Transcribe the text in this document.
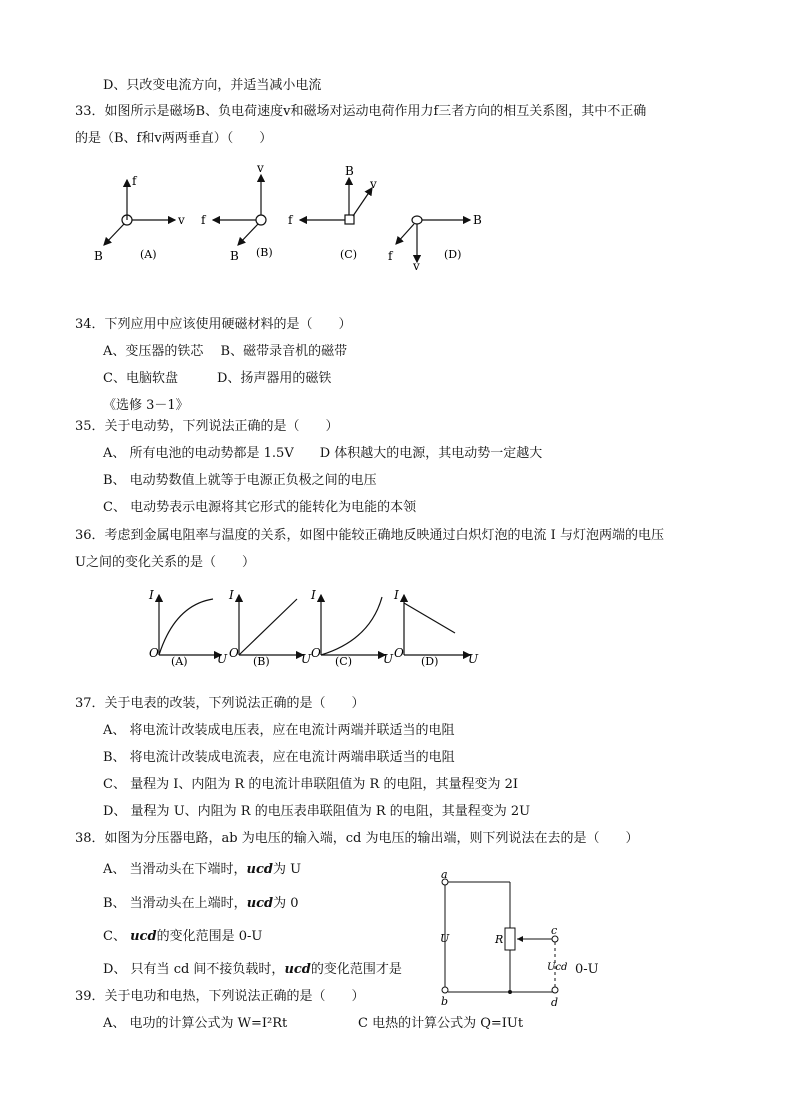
D、只改变电流方向，并适当减小电流
33．如图所示是磁场B、负电荷速度v和磁场对运动电荷作用力f三者方向的相互关系图，其中不正确
的是（B、f和v两两垂直）（　　）
f
v
B	(A)
v
f
B (B)
B
v
f
(C)
B
f
v
(D)
34．下列应用中应该使用硬磁材料的是（　　）
A、变压器的铁芯　 B、磁带录音机的磁带
C、电脑软盘　　　D、扬声器用的磁铁
《选修 3－1》
35．关于电动势，下列说法正确的是（　　）
A、 所有电池的电动势都是 1.5V　　D 体积越大的电源，其电动势一定越大
B、 电动势数值上就等于电源正负极之间的电压
C、 电动势表示电源将其它形式的能转化为电能的本领
36．考虑到金属电阻率与温度的关系，如图中能较正确地反映通过白炽灯泡的电流 I 与灯泡两端的电压
U之间的变化关系的是（　　）
I
O	U
I
O	U
I
O	U
I
O	U
(A)	(B)	(C)	(D)
37．关于电表的改装，下列说法正确的是（　　）
A、 将电流计改装成电压表，应在电流计两端并联适当的电阻
B、 将电流计改装成电流表，应在电流计两端串联适当的电阻
C、 量程为 I、内阻为 R 的电流计串联阻值为 R 的电阻，其量程变为 2I
D、 量程为 U、内阻为 R 的电压表串联阻值为 R 的电阻，其量程变为 2U
38．如图为分压器电路，ab 为电压的输入端，cd 为电压的输出端，则下列说法在去的是（　　）
A、 当滑动头在下端时，ucd为 U
B、 当滑动头在上端时，ucd为 0
C、 ucd的变化范围是 0-U
D、 只有当 cd 间不接负载时，ucd的变化范围才是	0-U
a
b
c
d
U	R
Ucd
39．关于电功和电热，下列说法正确的是（　　）
A、 电功的计算公式为 W=I²Rt	C 电热的计算公式为 Q=IUt
